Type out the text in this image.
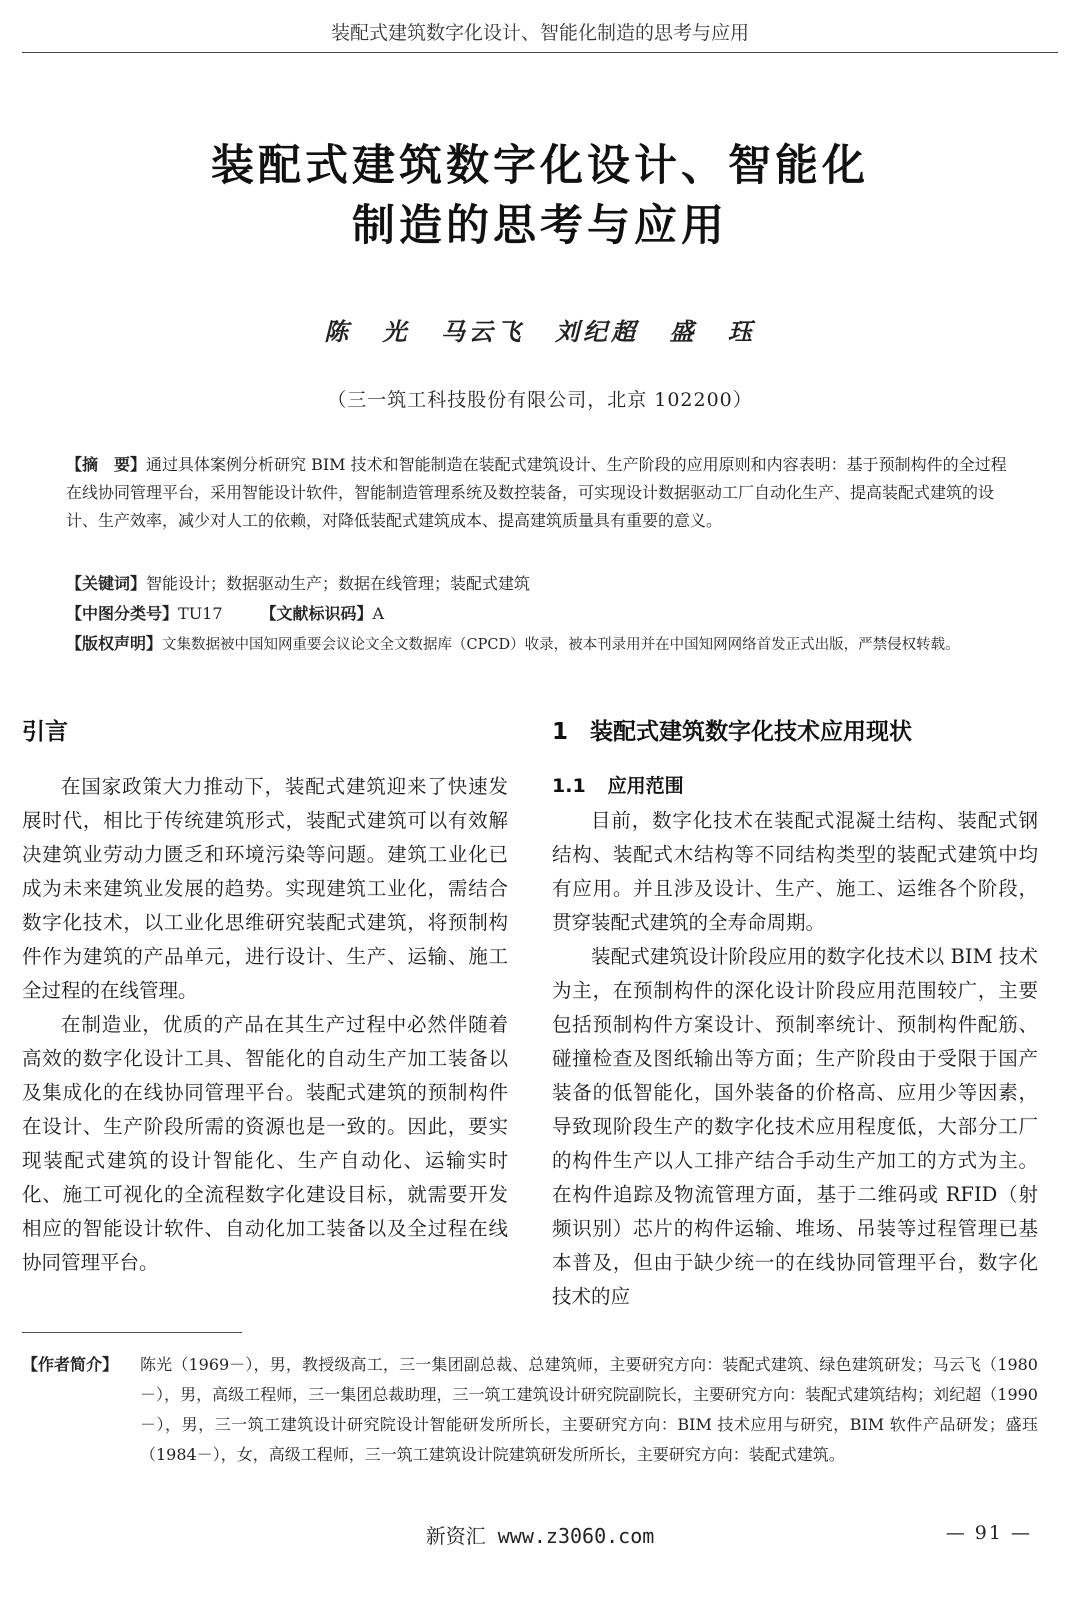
装配式建筑数字化设计、智能化制造的思考与应用
装配式建筑数字化设计、智能化
制造的思考与应用
陈 光 马云飞 刘纪超 盛 珏
（三一筑工科技股份有限公司，北京 102200）
【摘　要】通过具体案例分析研究 BIM 技术和智能制造在装配式建筑设计、生产阶段的应用原则和内容表明：基于预制构件的全过程在线协同管理平台，采用智能设计软件，智能制造管理系统及数控装备，可实现设计数据驱动工厂自动化生产、提高装配式建筑的设计、生产效率，减少对人工的依赖，对降低装配式建筑成本、提高建筑质量具有重要的意义。
【关键词】智能设计；数据驱动生产；数据在线管理；装配式建筑
【中图分类号】TU17 【文献标识码】A
【版权声明】文集数据被中国知网重要会议论文全文数据库（CPCD）收录，被本刊录用并在中国知网网络首发正式出版，严禁侵权转载。
引言

在国家政策大力推动下，装配式建筑迎来了快速发展时代，相比于传统建筑形式，装配式建筑可以有效解决建筑业劳动力匮乏和环境污染等问题。建筑工业化已成为未来建筑业发展的趋势。实现建筑工业化，需结合数字化技术，以工业化思维研究装配式建筑，将预制构件作为建筑的产品单元，进行设计、生产、运输、施工全过程的在线管理。

在制造业，优质的产品在其生产过程中必然伴随着高效的数字化设计工具、智能化的自动生产加工装备以及集成化的在线协同管理平台。装配式建筑的预制构件在设计、生产阶段所需的资源也是一致的。因此，要实现装配式建筑的设计智能化、生产自动化、运输实时化、施工可视化的全流程数字化建设目标，就需要开发相应的智能设计软件、自动化加工装备以及全过程在线协同管理平台。

1 装配式建筑数字化技术应用现状
1.1 应用范围

目前，数字化技术在装配式混凝土结构、装配式钢结构、装配式木结构等不同结构类型的装配式建筑中均有应用。并且涉及设计、生产、施工、运维各个阶段，贯穿装配式建筑的全寿命周期。

装配式建筑设计阶段应用的数字化技术以 BIM 技术为主，在预制构件的深化设计阶段应用范围较广，主要包括预制构件方案设计、预制率统计、预制构件配筋、碰撞检查及图纸输出等方面；生产阶段由于受限于国产装备的低智能化，国外装备的价格高、应用少等因素，导致现阶段生产的数字化技术应用程度低，大部分工厂的构件生产以人工排产结合手动生产加工的方式为主。在构件追踪及物流管理方面，基于二维码或 RFID（射频识别）芯片的构件运输、堆场、吊装等过程管理已基本普及，但由于缺少统一的在线协同管理平台，数字化技术的应

【作者简介】 陈光（1969－），男，教授级高工，三一集团副总裁、总建筑师，主要研究方向：装配式建筑、绿色建筑研发；马云飞（1980－），男，高级工程师，三一集团总裁助理，三一筑工建筑设计研究院副院长，主要研究方向：装配式建筑结构；刘纪超（1990－），男，三一筑工建筑设计研究院设计智能研发所所长，主要研究方向：BIM 技术应用与研究，BIM 软件产品研发；盛珏（1984－），女，高级工程师，三一筑工建筑设计院建筑研发所所长，主要研究方向：装配式建筑。
新资汇 www.z3060.com	— 91 —
